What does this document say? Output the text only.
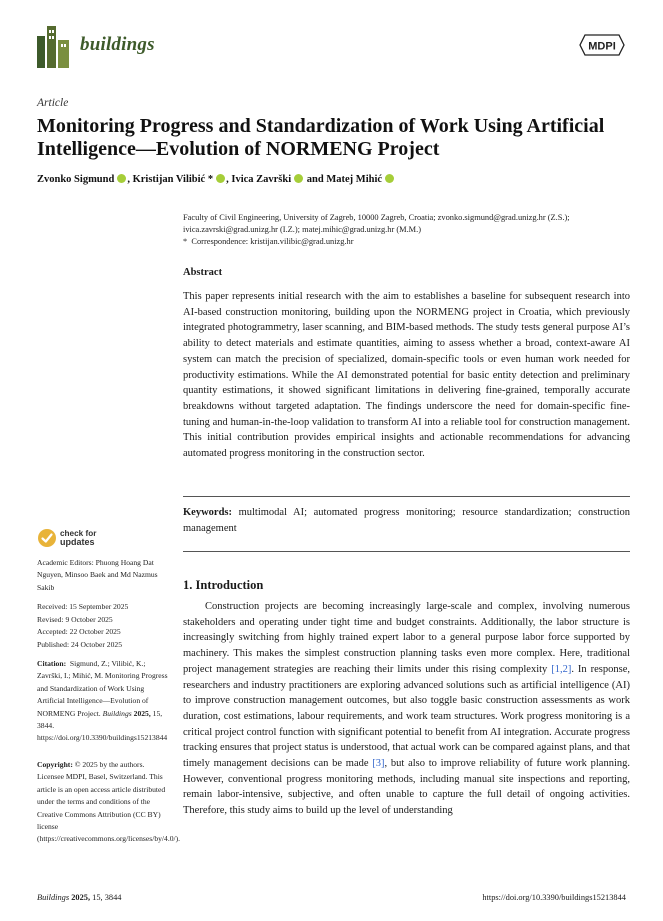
buildings	MDPI
Article
Monitoring Progress and Standardization of Work Using Artificial Intelligence—Evolution of NORMENG Project
Zvonko Sigmund , Kristijan Vilibić * , Ivica Završki and Matej Mihić
Faculty of Civil Engineering, University of Zagreb, 10000 Zagreb, Croatia; zvonko.sigmund@grad.unizg.hr (Z.S.); ivica.zavrski@grad.unizg.hr (I.Z.); matej.mihic@grad.unizg.hr (M.M.)
* Correspondence: kristijan.vilibic@grad.unizg.hr
Abstract
This paper represents initial research with the aim to establishes a baseline for subsequent research into AI-based construction monitoring, building upon the NORMENG project in Croatia, which previously integrated photogrammetry, laser scanning, and BIM-based methods. The study tests general purpose AI’s ability to detect materials and estimate quantities, aiming to assess whether a broad, context-aware AI system can match the precision of specialized, domain-specific tools or even human work needed for productivity estimations. While the AI demonstrated potential for basic entity detection and preliminary quantity estimations, it showed significant limitations in delivering fine-grained, temporally accurate breakdowns without targeted adaptation. The findings underscore the need for domain-specific fine-tuning and human-in-the-loop validation to transform AI into a reliable tool for construction management. This initial contribution provides empirical insights and actionable recommendations for advancing automated progress monitoring in the construction sector.
Keywords: multimodal AI; automated progress monitoring; resource standardization; construction management
check for
updates
Academic Editors: Phuong Hoang Dat Nguyen, Minsoo Baek and Md Nazmus Sakib
Received: 15 September 2025
Revised: 9 October 2025
Accepted: 22 October 2025
Published: 24 October 2025
Citation: Sigmund, Z.; Vilibić, K.; Završki, I.; Mihić, M. Monitoring Progress and Standardization of Work Using Artificial Intelligence—Evolution of NORMENG Project. Buildings 2025, 15, 3844. https://doi.org/10.3390/buildings15213844
Copyright: © 2025 by the authors. Licensee MDPI, Basel, Switzerland. This article is an open access article distributed under the terms and conditions of the Creative Commons Attribution (CC BY) license (https://creativecommons.org/licenses/by/4.0/).
1. Introduction
Construction projects are becoming increasingly large-scale and complex, involving numerous stakeholders and operating under tight time and budget constraints. Additionally, the labor structure is increasingly switching from highly trained expert labor to a general purpose labor force supported by machinery. This makes the simplest construction planning tasks even more complex. Here, traditional project management strategies are reaching their limits under this rising complexity [1,2]. In response, researchers and industry practitioners are exploring advanced solutions such as artificial intelligence (AI) to improve construction management outcomes, but also toggle basic construction assessments as work duration, cost estimations, labour requirements, and work team structures. Work progress monitoring is a critical project control function with significant potential to benefit from AI integration. Accurate progress tracking ensures that project status is understood, that actual work can be compared against plans, and that timely management decisions can be made [3], but also to improve reliability of future work planning. However, conventional progress monitoring methods, including manual site inspections and reporting, remain labor-intensive, subjective, and often unable to capture the full detail of ongoing activities. Therefore, this study aims to build up the level of understanding
Buildings 2025, 15, 3844	https://doi.org/10.3390/buildings15213844
